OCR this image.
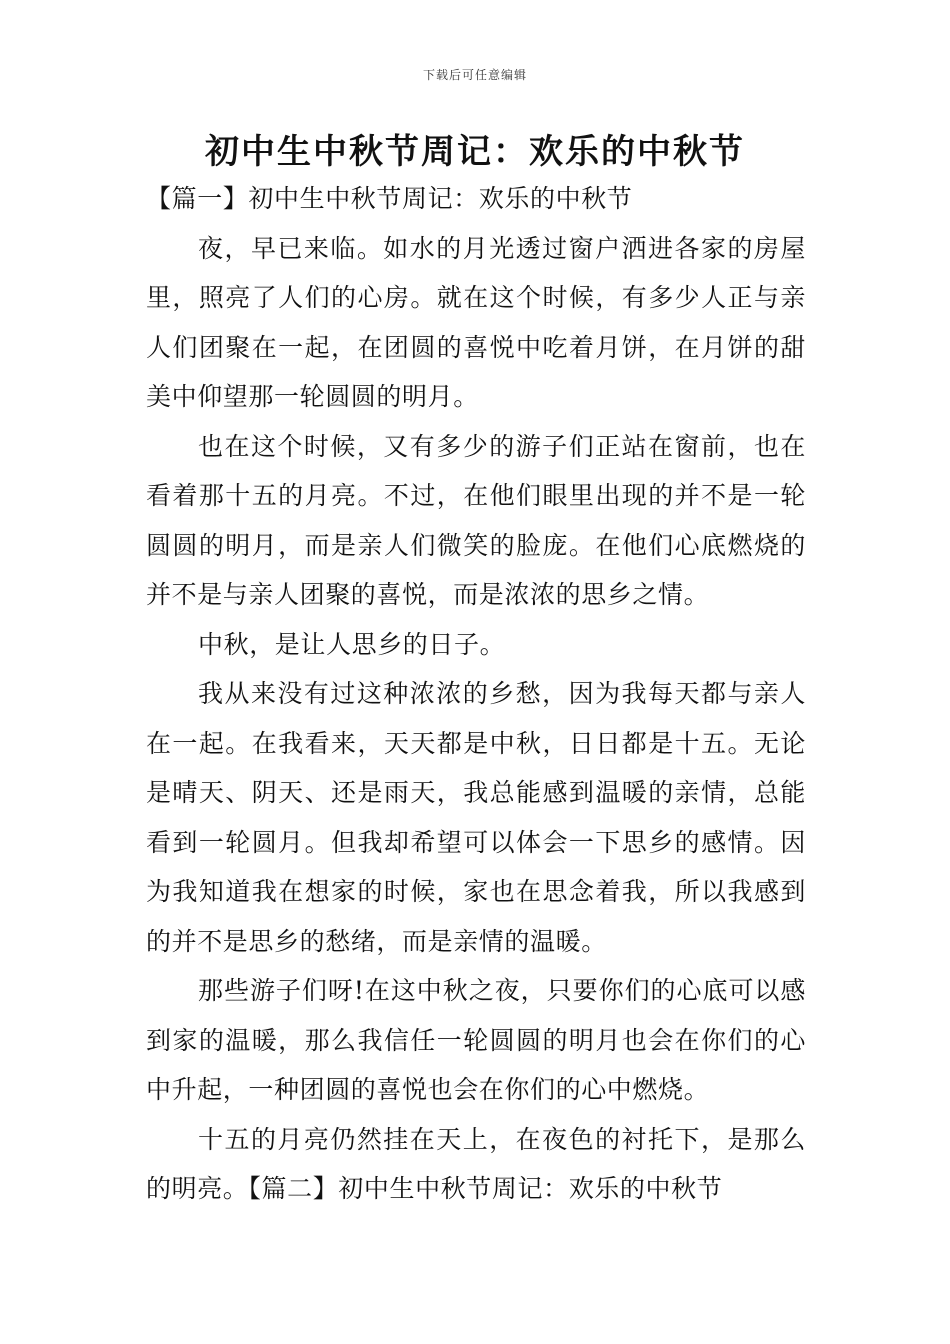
下载后可任意编辑
初中生中秋节周记：欢乐的中秋节

【篇一】初中生中秋节周记：欢乐的中秋节

夜，早已来临。如水的月光透过窗户洒进各家的房屋里，照亮了人们的心房。就在这个时候，有多少人正与亲人们团聚在一起，在团圆的喜悦中吃着月饼，在月饼的甜美中仰望那一轮圆圆的明月。

也在这个时候，又有多少的游子们正站在窗前，也在看着那十五的月亮。不过，在他们眼里出现的并不是一轮圆圆的明月，而是亲人们微笑的脸庞。在他们心底燃烧的并不是与亲人团聚的喜悦，而是浓浓的思乡之情。

中秋，是让人思乡的日子。

我从来没有过这种浓浓的乡愁，因为我每天都与亲人在一起。在我看来，天天都是中秋，日日都是十五。无论是晴天、阴天、还是雨天，我总能感到温暖的亲情，总能看到一轮圆月。但我却希望可以体会一下思乡的感情。因为我知道我在想家的时候，家也在思念着我，所以我感到的并不是思乡的愁绪，而是亲情的温暖。

那些游子们呀!在这中秋之夜，只要你们的心底可以感到家的温暖，那么我信任一轮圆圆的明月也会在你们的心中升起，一种团圆的喜悦也会在你们的心中燃烧。

十五的月亮仍然挂在天上，在夜色的衬托下，是那么的明亮。【篇二】初中生中秋节周记：欢乐的中秋节
